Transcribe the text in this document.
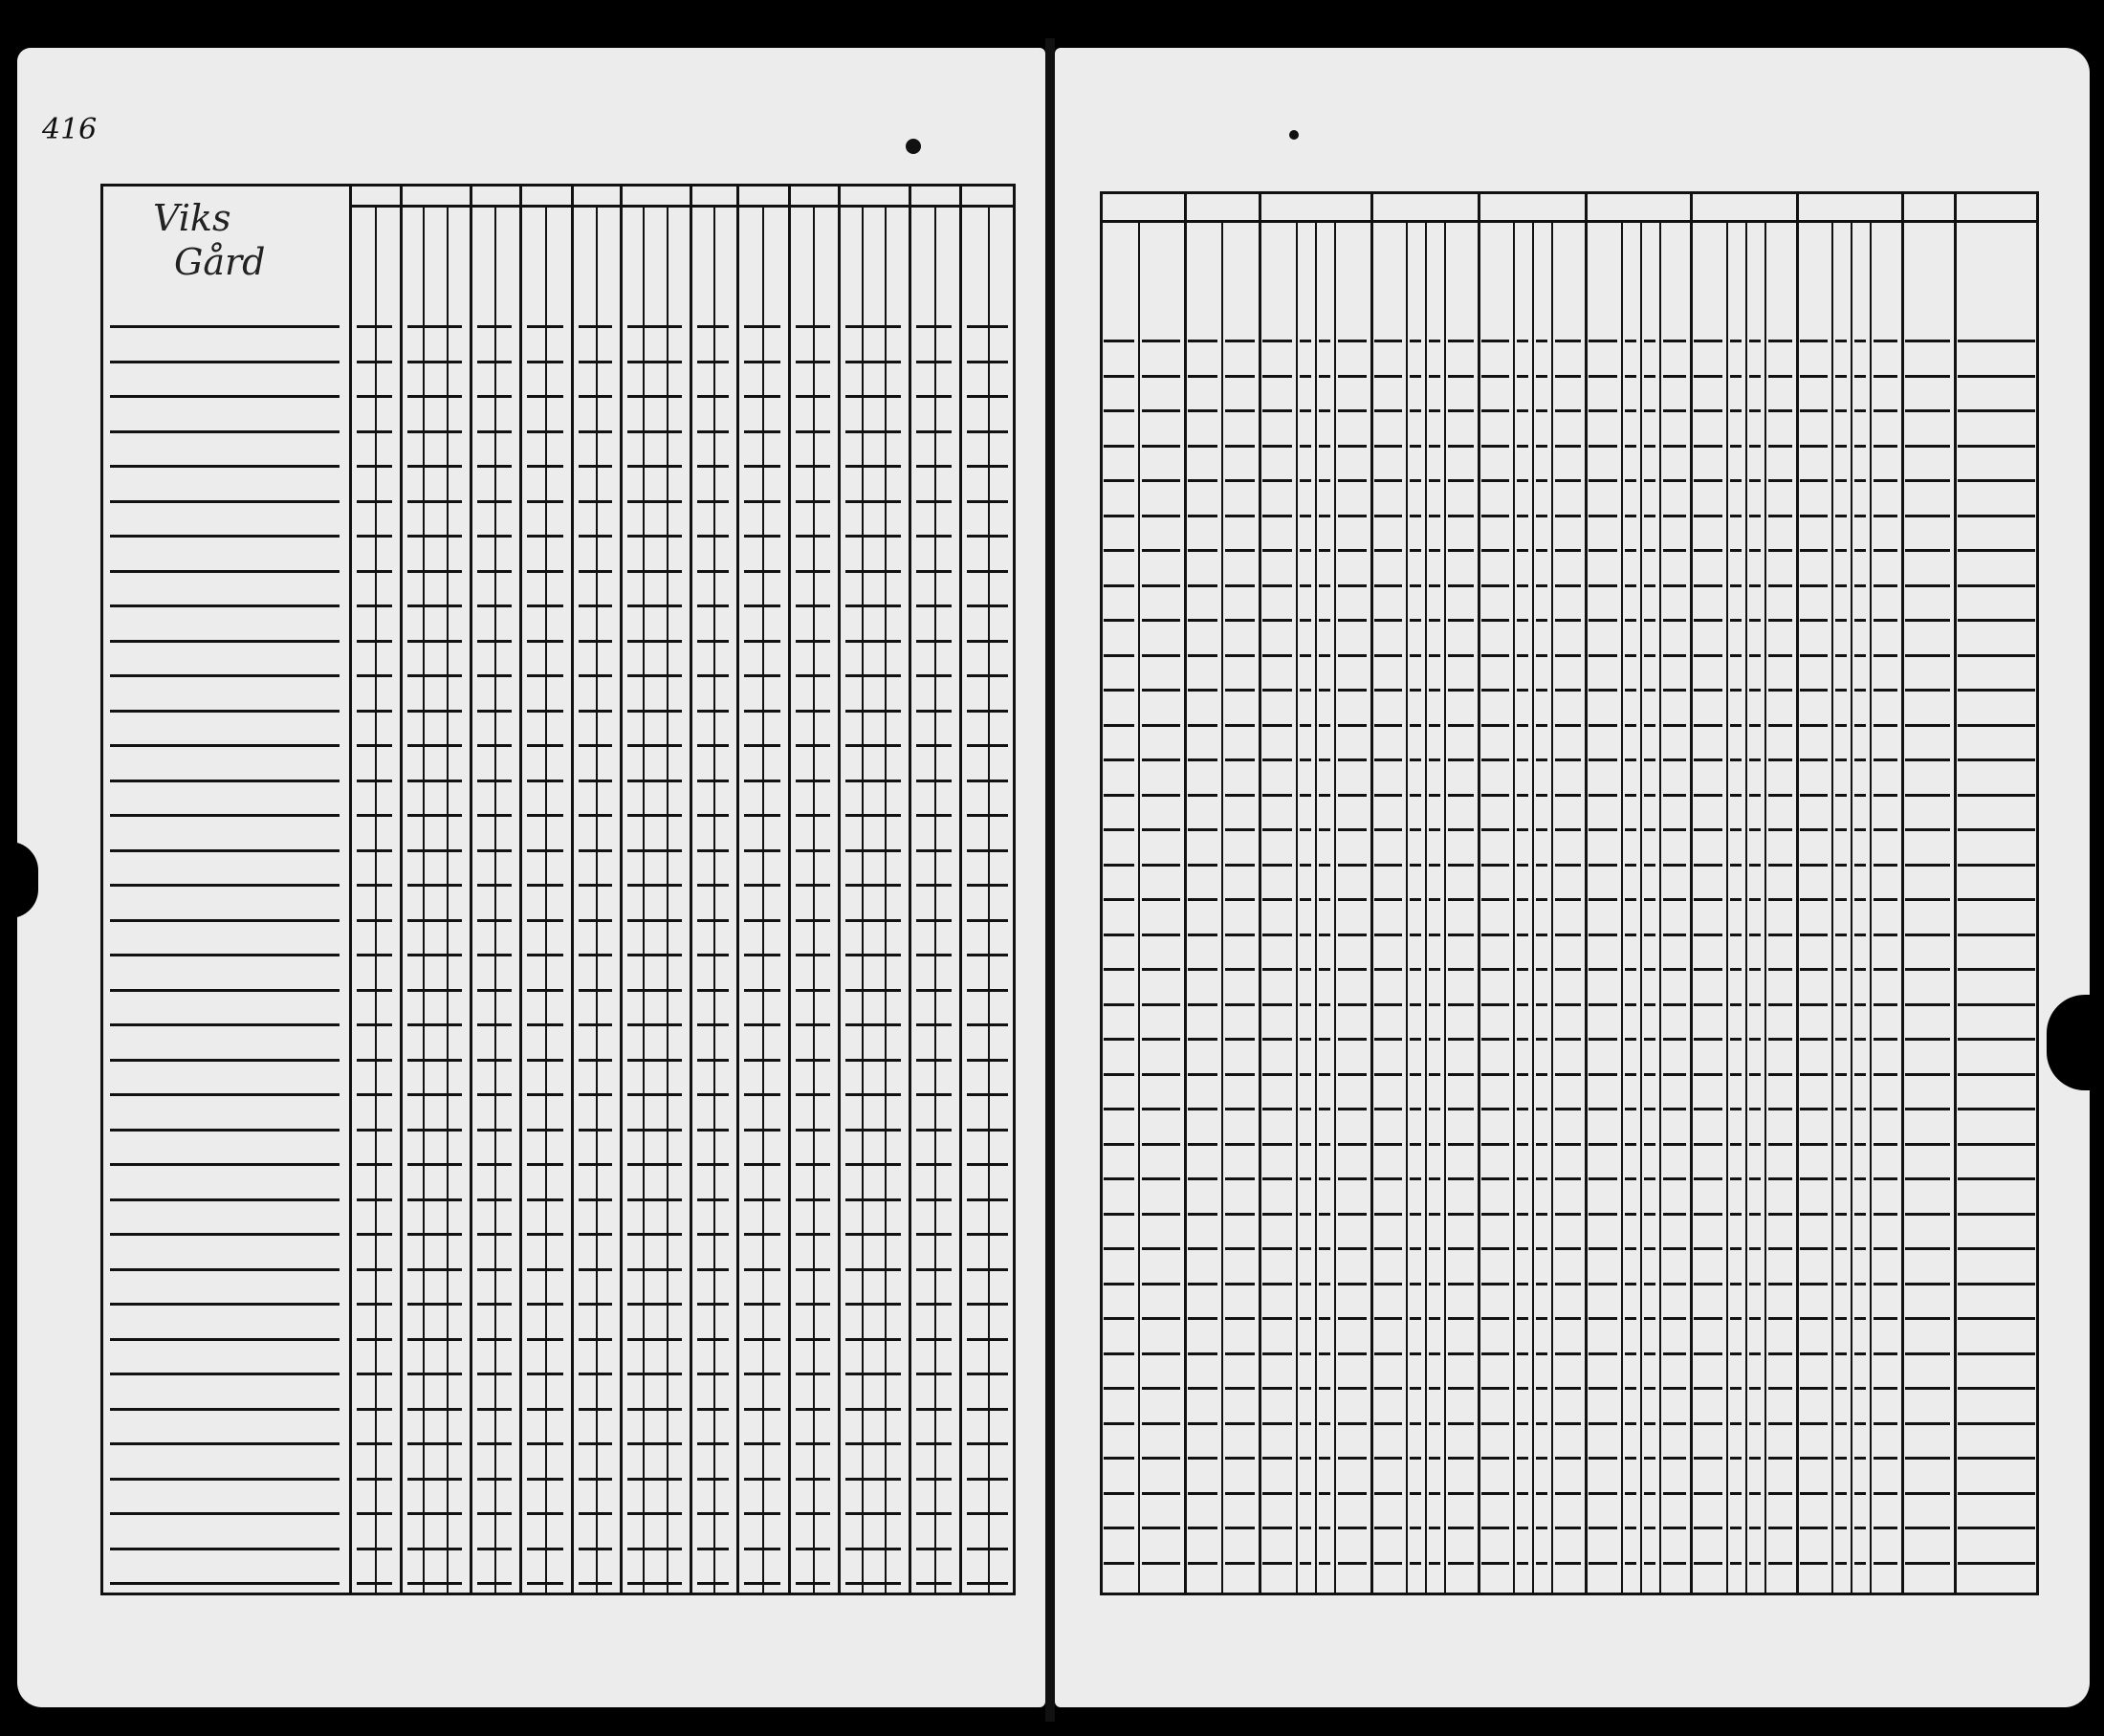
416
Viks
Gård
